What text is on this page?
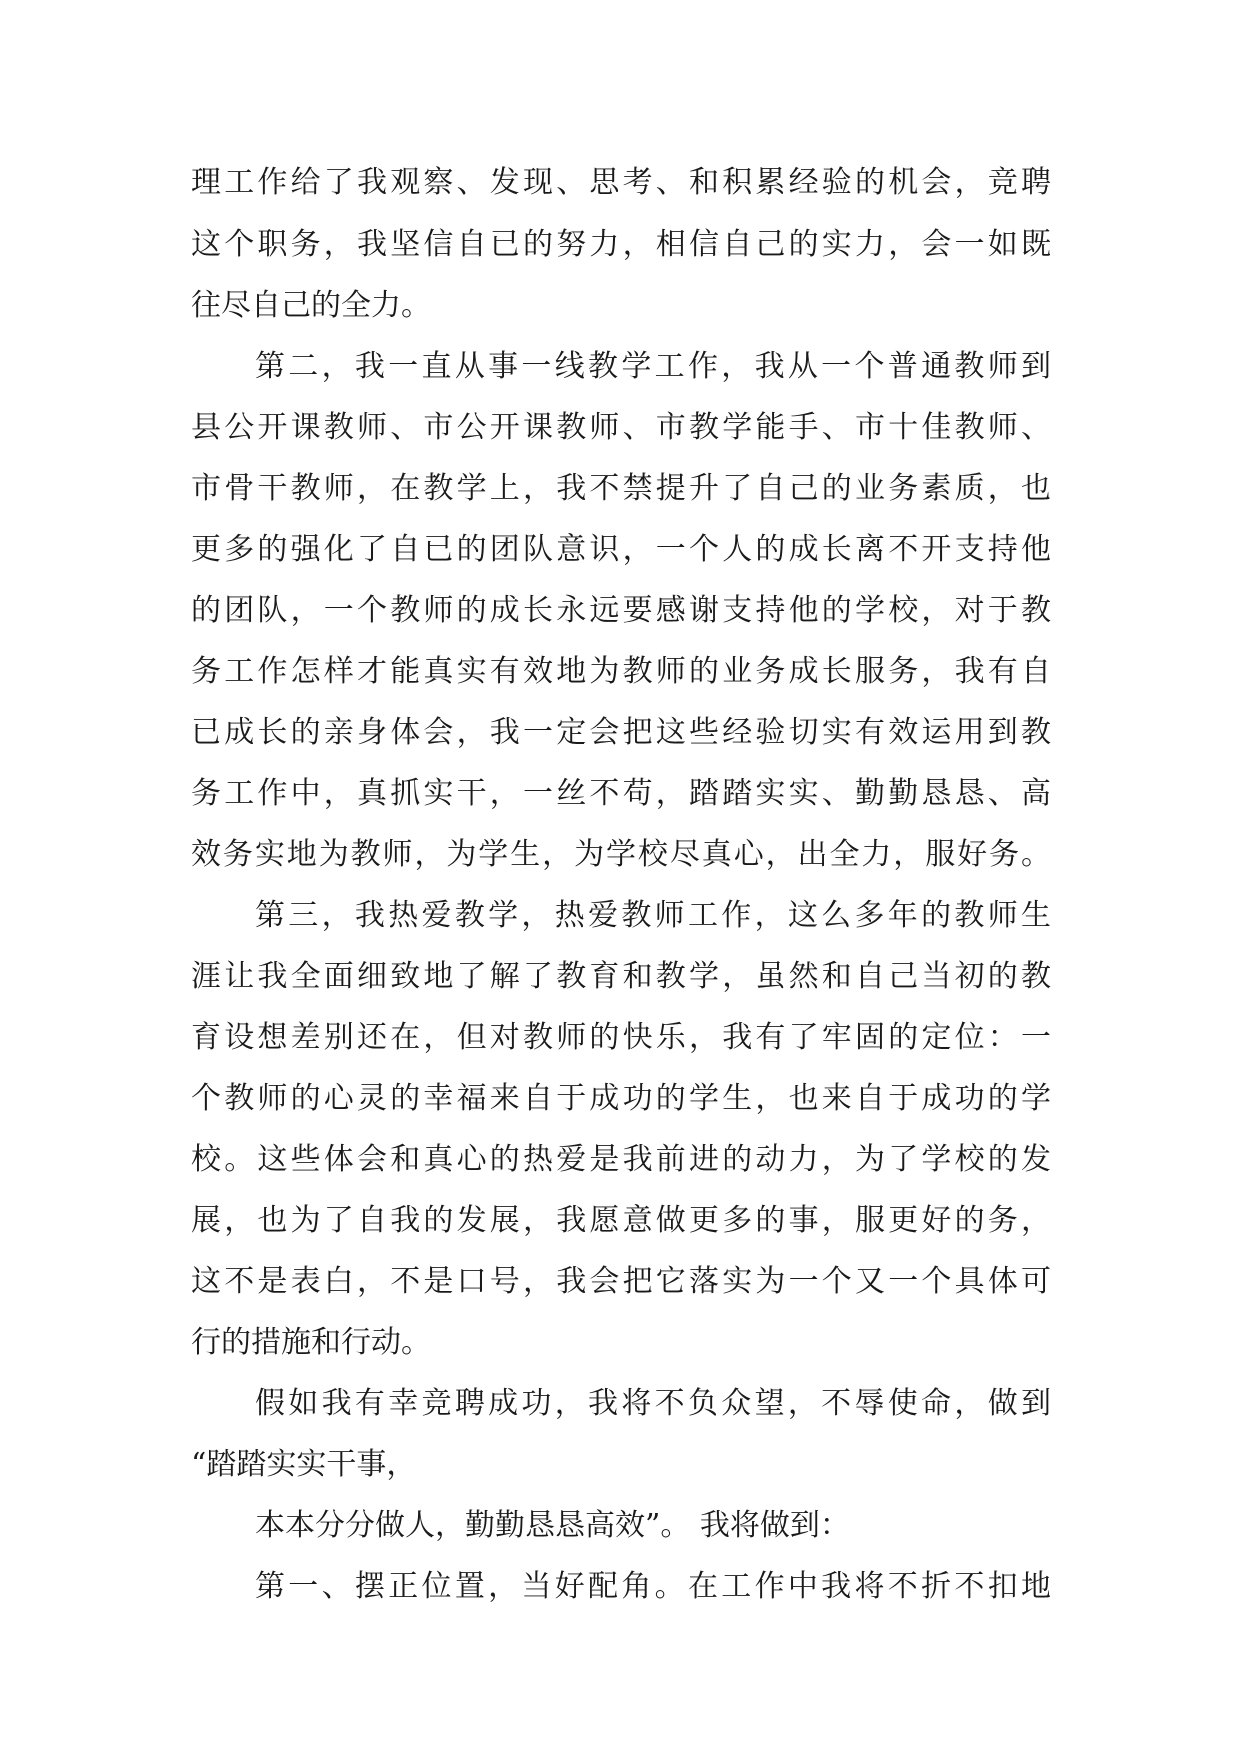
理工作给了我观察、发现、思考、和积累经验的机会，竞聘
这个职务，我坚信自已的努力，相信自己的实力，会一如既
往尽自己的全力。
第二，我一直从事一线教学工作，我从一个普通教师到
县公开课教师、市公开课教师、市教学能手、市十佳教师、
市骨干教师，在教学上，我不禁提升了自己的业务素质，也
更多的强化了自已的团队意识，一个人的成长离不开支持他
的团队，一个教师的成长永远要感谢支持他的学校，对于教
务工作怎样才能真实有效地为教师的业务成长服务，我有自
已成长的亲身体会，我一定会把这些经验切实有效运用到教
务工作中，真抓实干，一丝不苟，踏踏实实、勤勤恳恳、高
效务实地为教师，为学生，为学校尽真心，出全力，服好务。
第三，我热爱教学，热爱教师工作，这么多年的教师生
涯让我全面细致地了解了教育和教学，虽然和自己当初的教
育设想差别还在，但对教师的快乐，我有了牢固的定位：一
个教师的心灵的幸福来自于成功的学生，也来自于成功的学
校。这些体会和真心的热爱是我前进的动力，为了学校的发
展，也为了自我的发展，我愿意做更多的事，服更好的务，
这不是表白，不是口号，我会把它落实为一个又一个具体可
行的措施和行动。
假如我有幸竞聘成功，我将不负众望，不辱使命，做到
“踏踏实实干事，
本本分分做人，勤勤恳恳高效”。 我将做到：
第一、摆正位置，当好配角。在工作中我将不折不扣地
